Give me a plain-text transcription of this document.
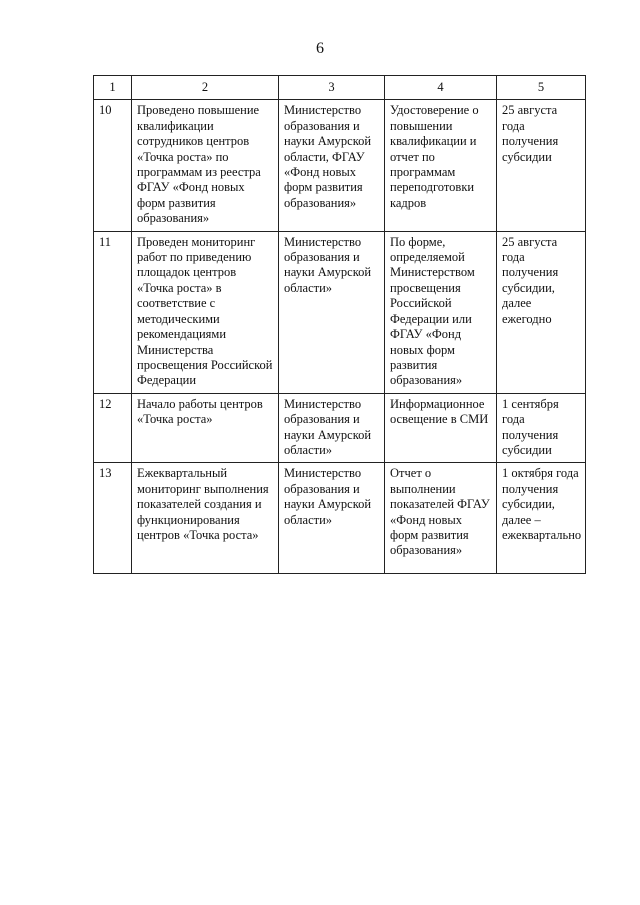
6
1	2	3	4	5
10	Проведено повышение квалификации сотрудников центров «Точка роста» по программам из реестра ФГАУ «Фонд новых форм развития образования»	Министерство образования и науки Амурской области, ФГАУ «Фонд новых форм развития образования»	Удостоверение о повышении квалификации и отчет по программам переподготовки кадров	25 августа года получения субсидии
11	Проведен мониторинг работ по приведению площадок центров «Точка роста» в соответствие с методическими рекомендациями Министерства просвещения Российской Федерации	Министерство образования и науки Амурской области»	По форме, определяемой Министерством просвещения Российской Федерации или ФГАУ «Фонд новых форм развития образования»	25 августа года получения субсидии, далее ежегодно
12	Начало работы центров «Точка роста»	Министерство образования и науки Амурской области»	Информационное освещение в СМИ	1 сентября года получения субсидии
13	Ежеквартальный мониторинг выполнения показателей создания и функционирования центров «Точка роста»	Министерство образования и науки Амурской области»	Отчет о выполнении показателей ФГАУ «Фонд новых форм развития образования»	1 октября года получения субсидии, далее – ежеквартально
